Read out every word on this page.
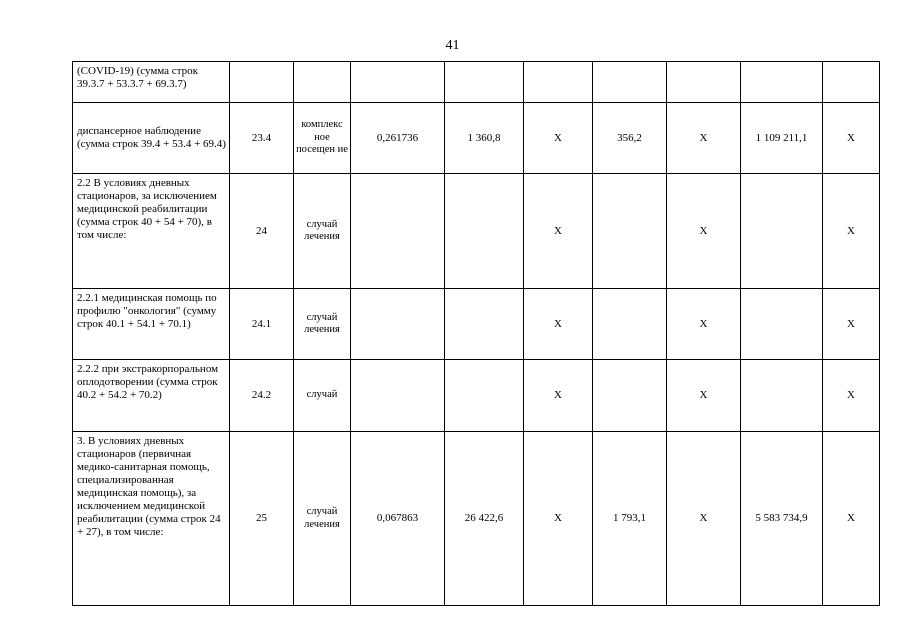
41
(COVID-19) (сумма строк 39.3.7 + 53.3.7 + 69.3.7)									
диспансерное наблюдение (сумма строк 39.4 + 53.4 + 69.4)	23.4	комплекс ное посещен ие	0,261736	1 360,8	X	356,2	X	1 109 211,1	X
2.2 В условиях дневных стационаров, за исключением медицинской реабилитации (сумма строк 40 + 54 + 70), в том числе:	24	случай лечения			X		X		X
2.2.1 медицинская помощь по профилю "онкология" (сумму строк 40.1 + 54.1 + 70.1)	24.1	случай лечения			X		X		X
2.2.2 при экстракорпоральном оплодотворении (сумма строк 40.2 + 54.2 + 70.2)	24.2	случай			X		X		X
3. В условиях дневных стационаров (первичная медико-санитарная помощь, специализированная медицинская помощь), за исключением медицинской реабилитации (сумма строк 24 + 27), в том числе:	25	случай лечения	0,067863	26 422,6	X	1 793,1	X	5 583 734,9	X
